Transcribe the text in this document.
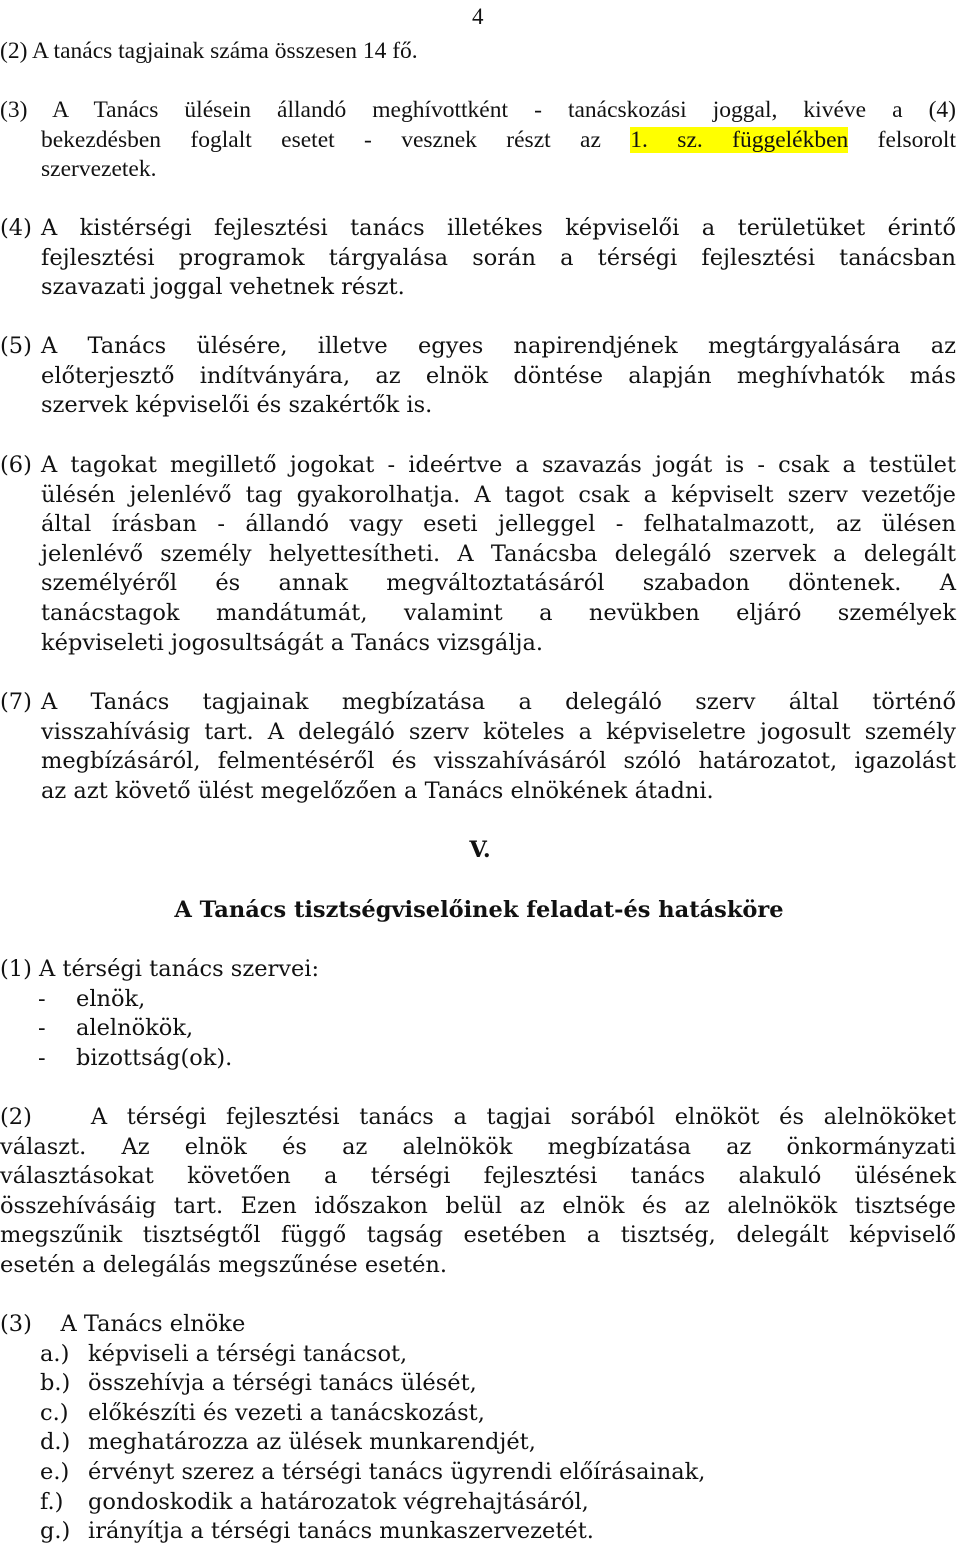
4
(2) A tanács tagjainak száma összesen 14 fő.
(3) A Tanács ülésein állandó meghívottként - tanácskozási joggal, kivéve a (4)
bekezdésben foglalt esetet - vesznek részt az 1. sz. függelékben felsorolt
szervezetek.
(4) A kistérségi fejlesztési tanács illetékes képviselői a területüket érintő
fejlesztési programok tárgyalása során a térségi fejlesztési tanácsban
szavazati joggal vehetnek részt.
(5) A Tanács ülésére, illetve egyes napirendjének megtárgyalására az
előterjesztő indítványára, az elnök döntése alapján meghívhatók más
szervek képviselői és szakértők is.
(6) A tagokat megillető jogokat - ideértve a szavazás jogát is - csak a testület
ülésén jelenlévő tag gyakorolhatja. A tagot csak a képviselt szerv vezetője
által írásban - állandó vagy eseti jelleggel - felhatalmazott, az ülésen
jelenlévő személy helyettesítheti. A Tanácsba delegáló szervek a delegált
személyéről és annak megváltoztatásáról szabadon döntenek. A
tanácstagok mandátumát, valamint a nevükben eljáró személyek
képviseleti jogosultságát a Tanács vizsgálja.
(7) A Tanács tagjainak megbízatása a delegáló szerv által történő
visszahívásig tart. A delegáló szerv köteles a képviseletre jogosult személy
megbízásáról, felmentéséről és visszahívásáról szóló határozatot, igazolást
az azt követő ülést megelőzően a Tanács elnökének átadni.
V.
A Tanács tisztségviselőinek feladat-és hatásköre
(1) A térségi tanács szervei:
-	elnök,
-	alelnökök,
-	bizottság(ok).
(2)   A térségi fejlesztési tanács a tagjai sorából elnököt és alelnököket
választ. Az elnök és az alelnökök megbízatása az önkormányzati
választásokat követően a térségi fejlesztési tanács alakuló ülésének
összehívásáig tart. Ezen időszakon belül az elnök és az alelnökök tisztsége
megszűnik tisztségtől függő tagság esetében a tisztség, delegált képviselő
esetén a delegálás megszűnése esetén.
(3)    A Tanács elnöke
a.) képviseli a térségi tanácsot,
b.) összehívja a térségi tanács ülését,
c.) előkészíti és vezeti a tanácskozást,
d.) meghatározza az ülések munkarendjét,
e.) érvényt szerez a térségi tanács ügyrendi előírásainak,
f.)	gondoskodik a határozatok végrehajtásáról,
g.) irányítja a térségi tanács munkaszervezetét.
